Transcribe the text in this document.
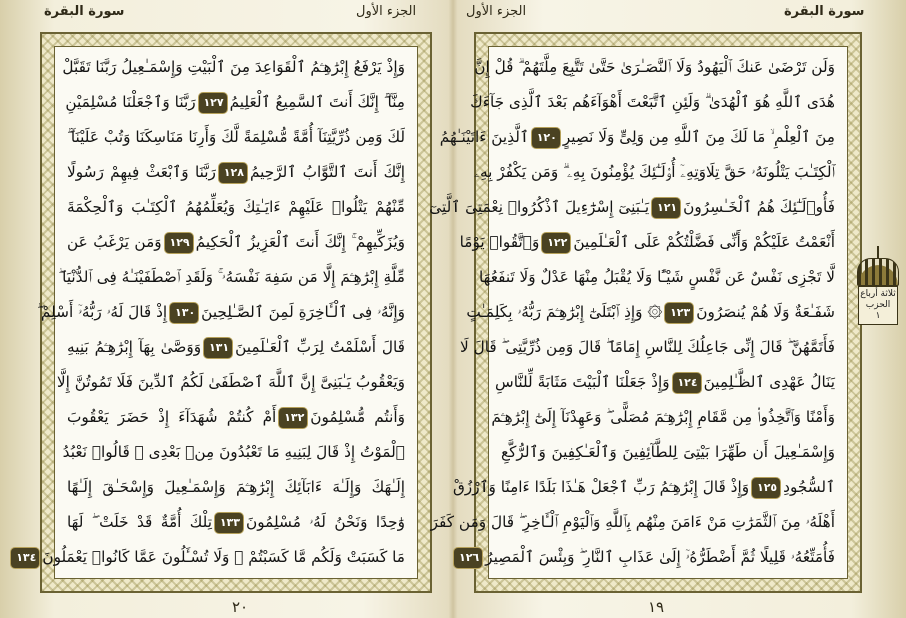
سورة البقرة	الجزء الأول
وَإِذْ يَرْفَعُ إِبْرَٰهِـۧمُ ٱلْقَوَاعِدَ مِنَ ٱلْبَيْتِ وَإِسْمَـٰعِيلُ رَبَّنَا تَقَبَّلْ
مِنَّآ ۖ إِنَّكَ أَنتَ ٱلسَّمِيعُ ٱلْعَلِيمُ١٢٧رَبَّنَا وَٱجْعَلْنَا مُسْلِمَيْنِ
لَكَ وَمِن ذُرِّيَّتِنَآ أُمَّةً مُّسْلِمَةً لَّكَ وَأَرِنَا مَنَاسِكَنَا وَتُبْ عَلَيْنَآ ۖ
إِنَّكَ أَنتَ ٱلتَّوَّابُ ٱلرَّحِيمُ١٢٨رَبَّنَا وَٱبْعَثْ فِيهِمْ رَسُولًا
مِّنْهُمْ يَتْلُوا۟ عَلَيْهِمْ ءَايَـٰتِكَ وَيُعَلِّمُهُمُ ٱلْكِتَـٰبَ وَٱلْحِكْمَةَ
وَيُزَكِّيهِمْ ۚ إِنَّكَ أَنتَ ٱلْعَزِيزُ ٱلْحَكِيمُ١٢٩وَمَن يَرْغَبُ عَن
مِّلَّةِ إِبْرَٰهِـۧمَ إِلَّا مَن سَفِهَ نَفْسَهُۥ ۚ وَلَقَدِ ٱصْطَفَيْنَـٰهُ فِى ٱلدُّنْيَا ۖ
وَإِنَّهُۥ فِى ٱلْـَٔاخِرَةِ لَمِنَ ٱلصَّـٰلِحِينَ١٣٠إِذْ قَالَ لَهُۥ رَبُّهُۥٓ أَسْلِمْ ۖ
قَالَ أَسْلَمْتُ لِرَبِّ ٱلْعَـٰلَمِينَ١٣١وَوَصَّىٰ بِهَآ إِبْرَٰهِـۧمُ بَنِيهِ
وَيَعْقُوبُ يَـٰبَنِىَّ إِنَّ ٱللَّهَ ٱصْطَفَىٰ لَكُمُ ٱلدِّينَ فَلَا تَمُوتُنَّ إِلَّا
وَأَنتُم مُّسْلِمُونَ١٣٢أَمْ كُنتُمْ شُهَدَآءَ إِذْ حَضَرَ يَعْقُوبَ
ٱلْمَوْتُ إِذْ قَالَ لِبَنِيهِ مَا تَعْبُدُونَ مِنۢ بَعْدِى ۖ قَالُوا۟ نَعْبُدُ
إِلَـٰهَكَ وَإِلَـٰهَ ءَابَآئِكَ إِبْرَٰهِـۧمَ وَإِسْمَـٰعِيلَ وَإِسْحَـٰقَ إِلَـٰهًا
وَٰحِدًا وَنَحْنُ لَهُۥ مُسْلِمُونَ١٣٣تِلْكَ أُمَّةٌ قَدْ خَلَتْ ۖ لَهَا
مَا كَسَبَتْ وَلَكُم مَّا كَسَبْتُمْ ۖ وَلَا تُسْـَٔلُونَ عَمَّا كَانُوا۟ يَعْمَلُونَ١٣٤
٢٠
الجزء الأول	سورة البقرة
وَلَن تَرْضَىٰ عَنكَ ٱلْيَهُودُ وَلَا ٱلنَّصَـٰرَىٰ حَتَّىٰ تَتَّبِعَ مِلَّتَهُمْ ۗ قُلْ إِنَّ
هُدَى ٱللَّهِ هُوَ ٱلْهُدَىٰ ۗ وَلَئِنِ ٱتَّبَعْتَ أَهْوَآءَهُم بَعْدَ ٱلَّذِى جَآءَكَ
مِنَ ٱلْعِلْمِ ۙ مَا لَكَ مِنَ ٱللَّهِ مِن وَلِىٍّ وَلَا نَصِيرٍ١٢٠ٱلَّذِينَ ءَاتَيْنَـٰهُمُ
ٱلْكِتَـٰبَ يَتْلُونَهُۥ حَقَّ تِلَاوَتِهِۦٓ أُو۟لَـٰٓئِكَ يُؤْمِنُونَ بِهِۦ ۗ وَمَن يَكْفُرْ بِهِۦ
فَأُو۟لَـٰٓئِكَ هُمُ ٱلْخَـٰسِرُونَ١٢١يَـٰبَنِىٓ إِسْرَٰٓءِيلَ ٱذْكُرُوا۟ نِعْمَتِىَ ٱلَّتِىٓ
أَنْعَمْتُ عَلَيْكُمْ وَأَنِّى فَضَّلْتُكُمْ عَلَى ٱلْعَـٰلَمِينَ١٢٢وَٱتَّقُوا۟ يَوْمًا
لَّا تَجْزِى نَفْسٌ عَن نَّفْسٍ شَيْـًٔا وَلَا يُقْبَلُ مِنْهَا عَدْلٌ وَلَا تَنفَعُهَا
شَفَـٰعَةٌ وَلَا هُمْ يُنصَرُونَ١٢٣۞ وَإِذِ ٱبْتَلَىٰٓ إِبْرَٰهِـۧمَ رَبُّهُۥ بِكَلِمَـٰتٍ
فَأَتَمَّهُنَّ ۖ قَالَ إِنِّى جَاعِلُكَ لِلنَّاسِ إِمَامًا ۖ قَالَ وَمِن ذُرِّيَّتِى ۖ قَالَ لَا
يَنَالُ عَهْدِى ٱلظَّـٰلِمِينَ١٢٤وَإِذْ جَعَلْنَا ٱلْبَيْتَ مَثَابَةً لِّلنَّاسِ
وَأَمْنًا وَٱتَّخِذُوا۟ مِن مَّقَامِ إِبْرَٰهِـۧمَ مُصَلًّى ۖ وَعَهِدْنَآ إِلَىٰٓ إِبْرَٰهِـۧمَ
وَإِسْمَـٰعِيلَ أَن طَهِّرَا بَيْتِىَ لِلطَّآئِفِينَ وَٱلْعَـٰكِفِينَ وَٱلرُّكَّعِ
ٱلسُّجُودِ١٢٥وَإِذْ قَالَ إِبْرَٰهِـۧمُ رَبِّ ٱجْعَلْ هَـٰذَا بَلَدًا ءَامِنًا وَٱرْزُقْ
أَهْلَهُۥ مِنَ ٱلثَّمَرَٰتِ مَنْ ءَامَنَ مِنْهُم بِٱللَّهِ وَٱلْيَوْمِ ٱلْـَٔاخِرِ ۖ قَالَ وَمَن كَفَرَ
فَأُمَتِّعُهُۥ قَلِيلًا ثُمَّ أَضْطَرُّهُۥٓ إِلَىٰ عَذَابِ ٱلنَّارِ ۖ وَبِئْسَ ٱلْمَصِيرُ١٢٦
١٩
ثلاثة أرباع
الحزب
١
